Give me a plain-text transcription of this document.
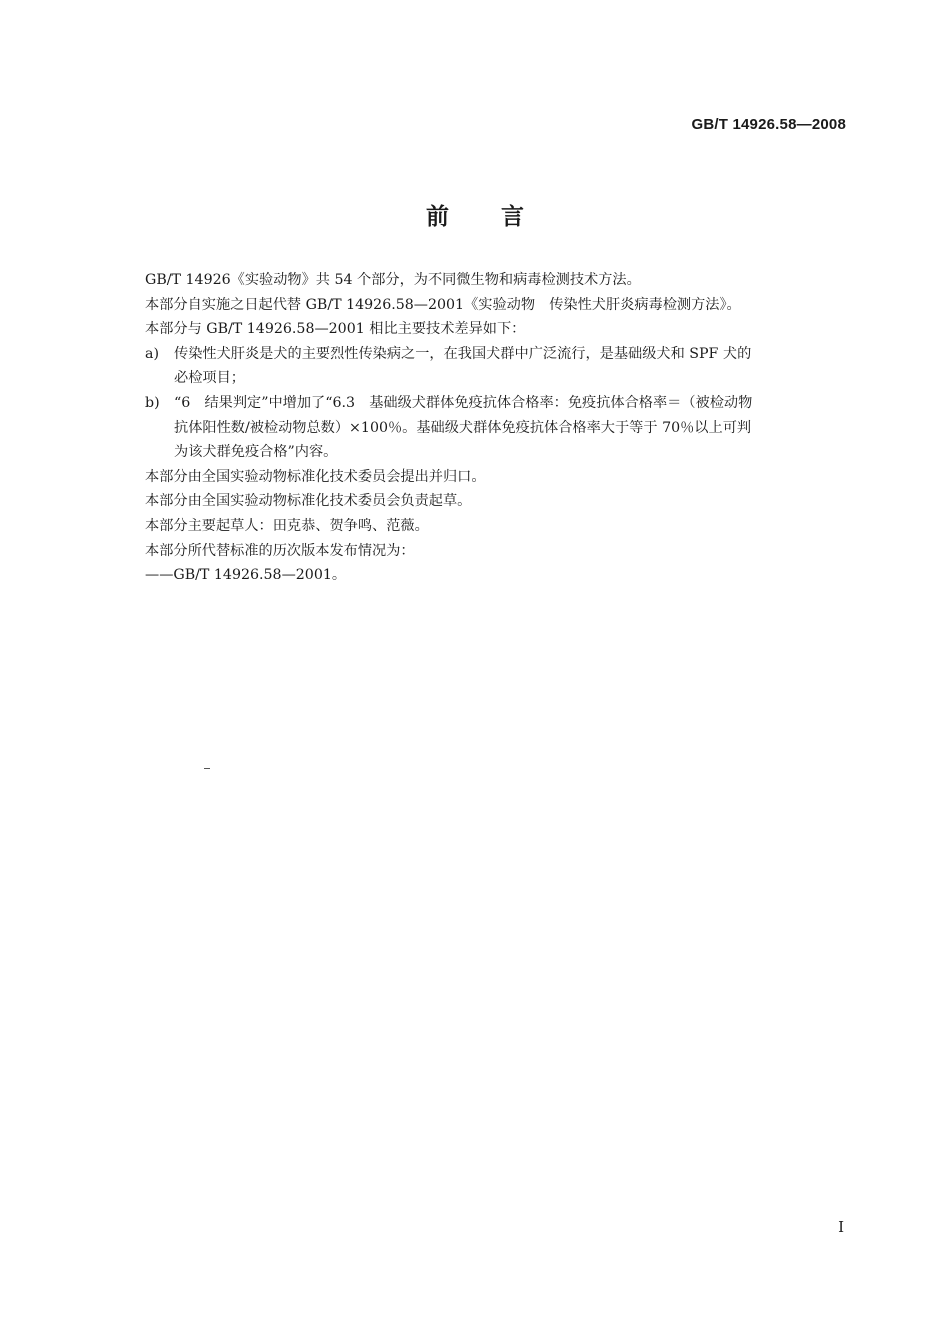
GB/T 14926.58—2008
前言

GB/T 14926《实验动物》共 54 个部分，为不同微生物和病毒检测技术方法。

本部分自实施之日起代替 GB/T 14926.58—2001《实验动物　传染性犬肝炎病毒检测方法》。

本部分与 GB/T 14926.58—2001 相比主要技术差异如下：

a)	传染性犬肝炎是犬的主要烈性传染病之一，在我国犬群中广泛流行，是基础级犬和 SPF 犬的
必检项目；
b)	“6　结果判定”中增加了“6.3　基础级犬群体免疫抗体合格率：免疫抗体合格率＝（被检动物
抗体阳性数/被检动物总数）×100％。基础级犬群体免疫抗体合格率大于等于 70％以上可判
为该犬群免疫合格”内容。

本部分由全国实验动物标准化技术委员会提出并归口。

本部分由全国实验动物标准化技术委员会负责起草。

本部分主要起草人：田克恭、贺争鸣、范薇。

本部分所代替标准的历次版本发布情况为：

——GB/T 14926.58—2001。

I
